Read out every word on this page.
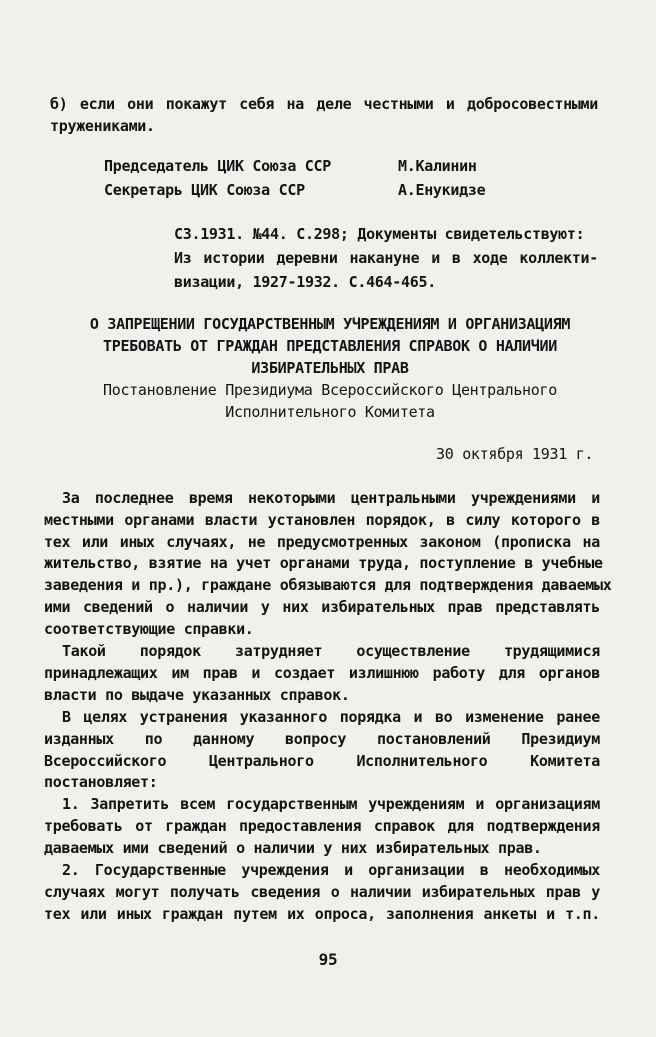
б) если они покажут себя на деле честными и добросовестными
тружениками.
Председатель ЦИК Союза ССР	М.Калинин
Секретарь ЦИК Союза ССР	А.Енукидзе
СЗ.1931. №44. С.298; Документы свидетельствуют:
Из истории деревни накануне и в ходе коллекти-
визации, 1927-1932. С.464-465.
О ЗАПРЕЩЕНИИ ГОСУДАРСТВЕННЫМ УЧРЕЖДЕНИЯМ И ОРГАНИЗАЦИЯМ
ТРЕБОВАТЬ ОТ ГРАЖДАН ПРЕДСТАВЛЕНИЯ СПРАВОК О НАЛИЧИИ
ИЗБИРАТЕЛЬНЫХ ПРАВ
Постановление Президиума Всероссийского Центрального
Исполнительного Комитета
30 октября 1931 г.
За последнее время некоторыми центральными учреждениями и
местными органами власти установлен порядок, в силу которого в
тех или иных случаях, не предусмотренных законом (прописка на
жительство, взятие на учет органами труда, поступление в учебные
заведения и пр.), граждане обязываются для подтверждения даваемых
ими сведений о наличии у них избирательных прав представлять
соответствующие справки.
Такой порядок затрудняет осуществление трудящимися
принадлежащих им прав и создает излишнюю работу для органов
власти по выдаче указанных справок.
В целях устранения указанного порядка и во изменение ранее
изданных по данному вопросу постановлений Президиум
Всероссийского Центрального Исполнительного Комитета
постановляет:
1. Запретить всем государственным учреждениям и организациям
требовать от граждан предоставления справок для подтверждения
даваемых ими сведений о наличии у них избирательных прав.
2. Государственные учреждения и организации в необходимых
случаях могут получать сведения о наличии избирательных прав у
тех или иных граждан путем их опроса, заполнения анкеты и т.п.
95
